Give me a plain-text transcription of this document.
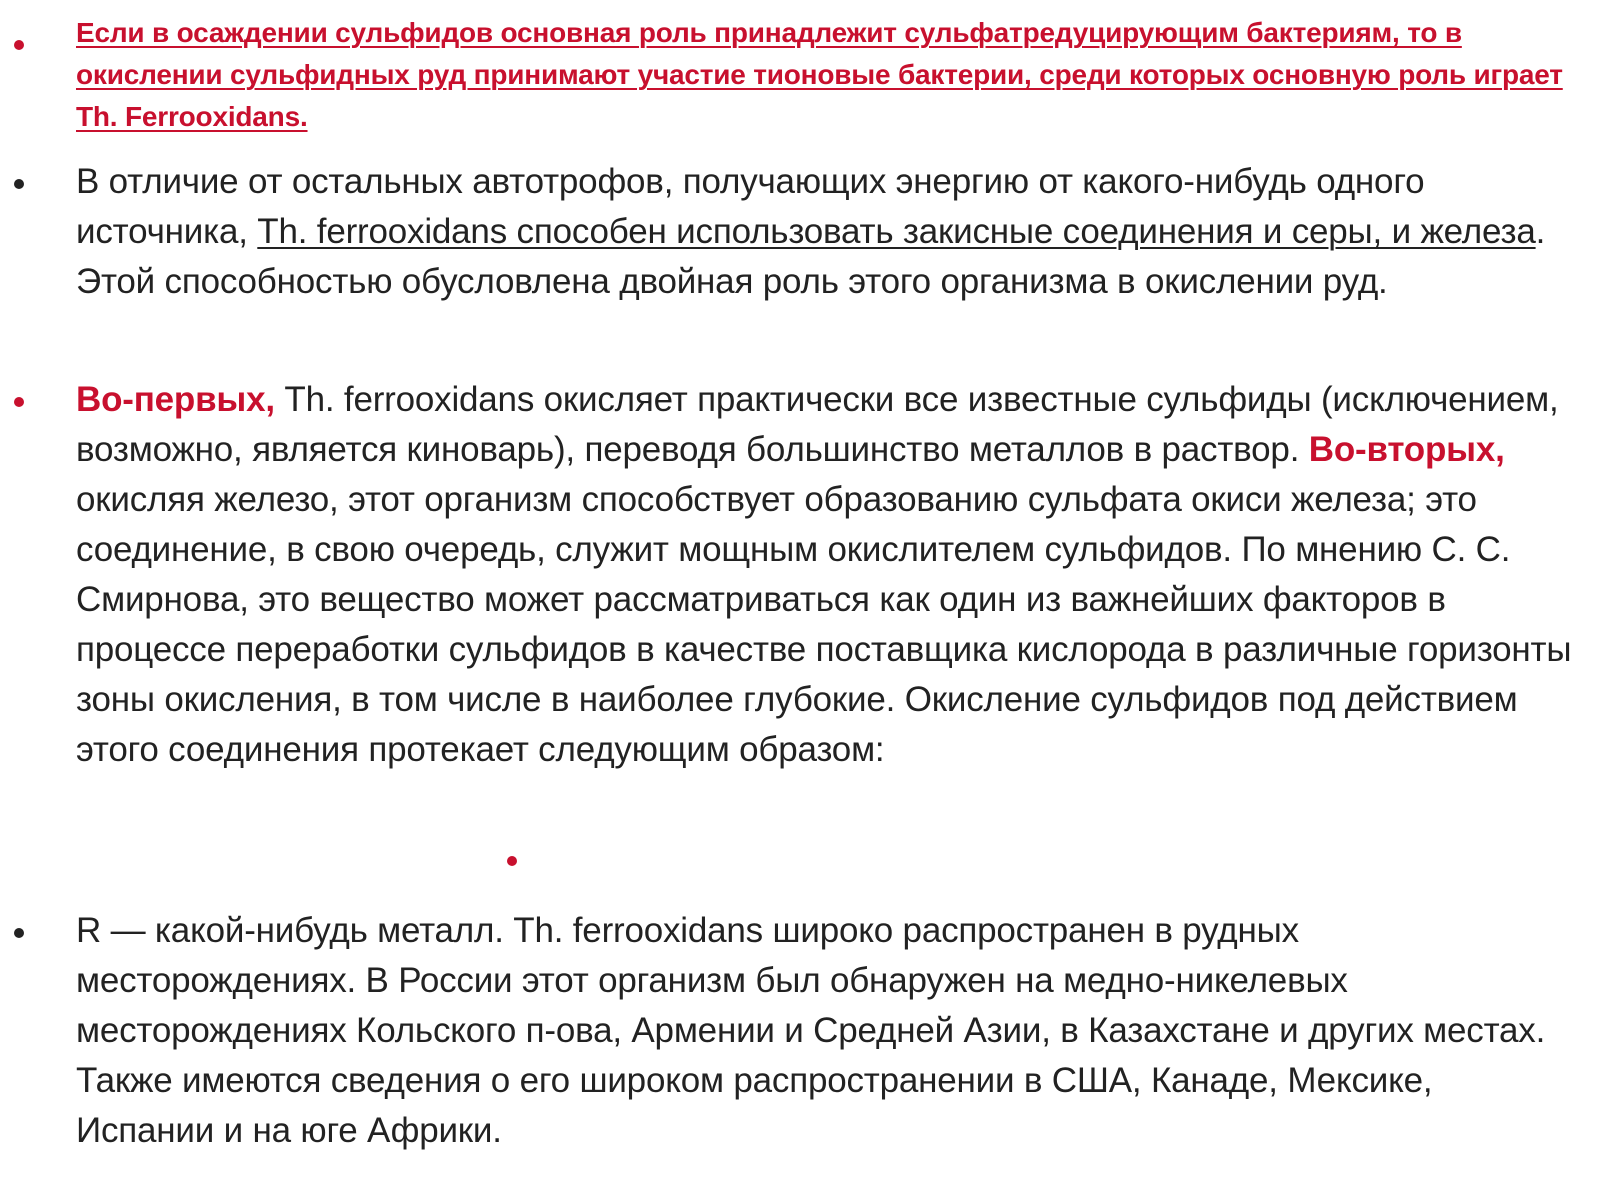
Если в осаждении сульфидов основная роль принадлежит сульфатредуцирующим бактериям, то в окислении сульфидных руд принимают участие тионовые бактерии, среди которых основную роль играет Th. Ferrooxidans.
В отличие от остальных автотрофов, получающих энергию от какого-нибудь одного источника, Th. ferrooxidans способен использовать закисные соединения и серы, и железа. Этой способностью обусловлена двойная роль этого организма в окислении руд.
Во-первых, Th. ferrooxidans окисляет практически все известные сульфиды (исключением, возможно, является киноварь), переводя большинство металлов в раствор. Во-вторых, окисляя железо, этот организм способствует образованию сульфата окиси железа; это соединение, в свою очередь, служит мощным окислителем сульфидов. По мнению С. С. Смирнова, это вещество может рассматриваться как один из важнейших факторов в процессе переработки сульфидов в качестве поставщика кислорода в различные горизонты зоны окисления, в том числе в наиболее глубокие. Окисление сульфидов под действием этого соединения протекает следующим образом:
R — какой-нибудь металл. Th. ferrooxidans широко распространен в рудных месторождениях. В России этот организм был обнаружен на медно-никелевых месторождениях Кольского п-ова, Армении и Средней Азии, в Казахстане и других местах. Также имеются сведения о его широком распространении в США, Канаде, Мексике, Испании и на юге Африки.
